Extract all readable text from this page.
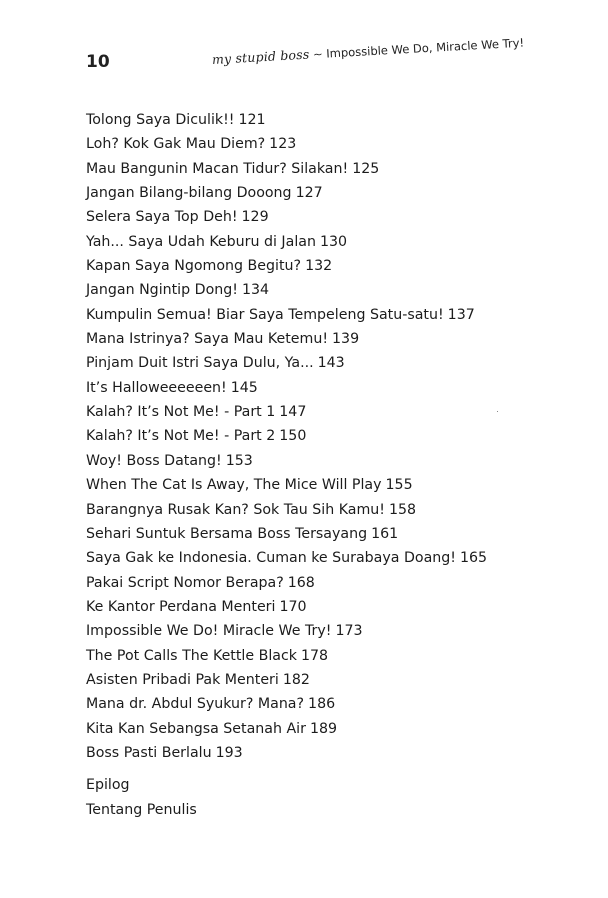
10	my stupid boss ~ Impossible We Do, Miracle We Try!
Tolong Saya Diculik!! 121
Loh? Kok Gak Mau Diem? 123
Mau Bangunin Macan Tidur? Silakan! 125
Jangan Bilang-bilang Dooong 127
Selera Saya Top Deh! 129
Yah... Saya Udah Keburu di Jalan 130
Kapan Saya Ngomong Begitu? 132
Jangan Ngintip Dong! 134
Kumpulin Semua! Biar Saya Tempeleng Satu-satu! 137
Mana Istrinya? Saya Mau Ketemu! 139
Pinjam Duit Istri Saya Dulu, Ya... 143
It’s Halloweeeeeen! 145
Kalah? It’s Not Me! - Part 1 147
Kalah? It’s Not Me! - Part 2 150
Woy! Boss Datang! 153
When The Cat Is Away, The Mice Will Play 155
Barangnya Rusak Kan? Sok Tau Sih Kamu! 158
Sehari Suntuk Bersama Boss Tersayang 161
Saya Gak ke Indonesia. Cuman ke Surabaya Doang! 165
Pakai Script Nomor Berapa? 168
Ke Kantor Perdana Menteri 170
Impossible We Do! Miracle We Try! 173
The Pot Calls The Kettle Black 178
Asisten Pribadi Pak Menteri 182
Mana dr. Abdul Syukur? Mana? 186
Kita Kan Sebangsa Setanah Air 189
Boss Pasti Berlalu 193
Epilog
Tentang Penulis
